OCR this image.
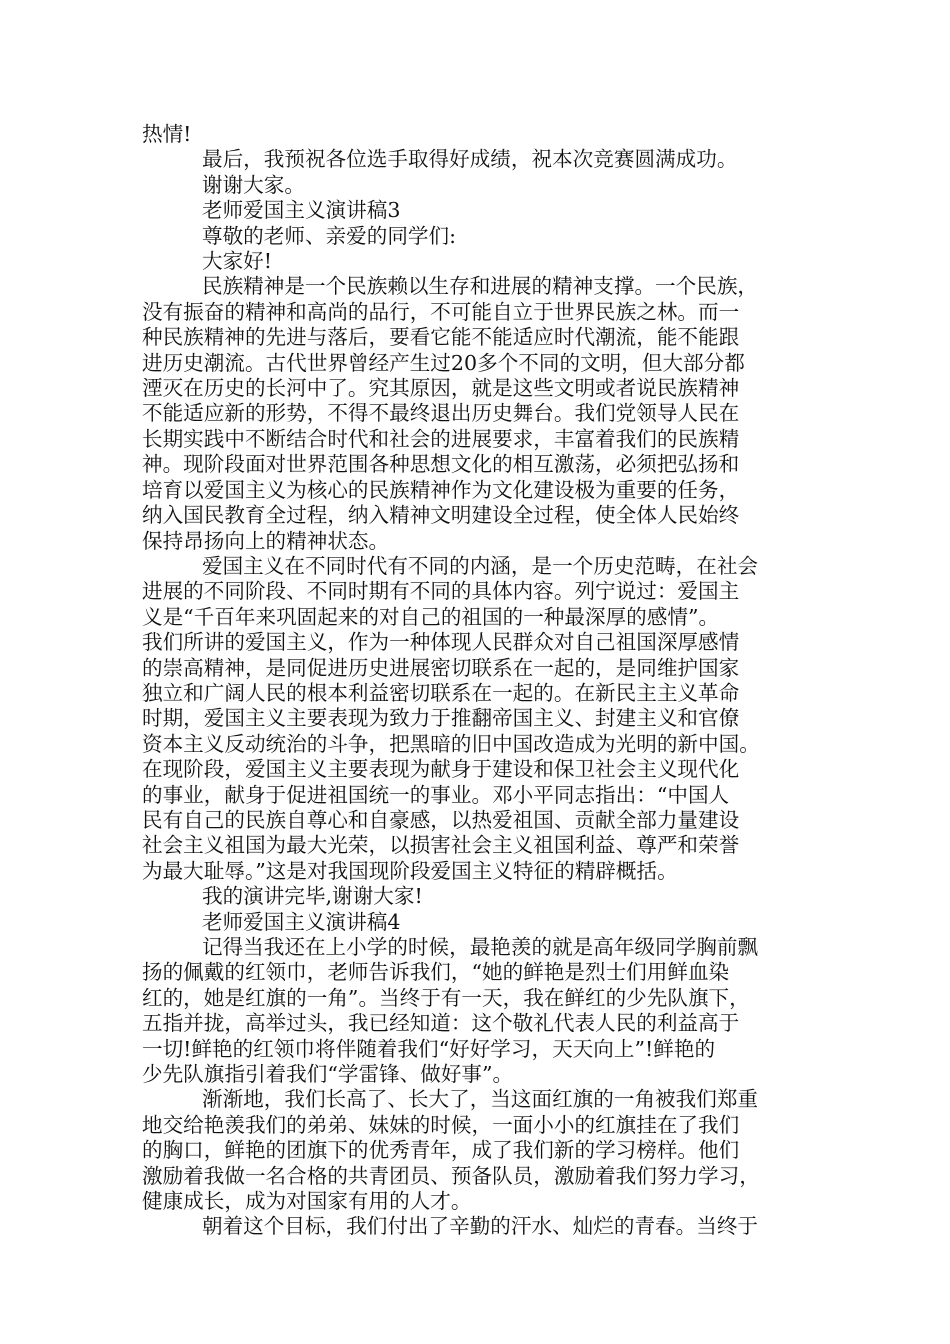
热情!
最后，我预祝各位选手取得好成绩，祝本次竞赛圆满成功。
谢谢大家。
老师爱国主义演讲稿3
尊敬的老师、亲爱的同学们:
大家好!
民族精神是一个民族赖以生存和进展的精神支撑。一个民族，
没有振奋的精神和高尚的品行，不可能自立于世界民族之林。而一
种民族精神的先进与落后，要看它能不能适应时代潮流，能不能跟
进历史潮流。古代世界曾经产生过20多个不同的文明，但大部分都
湮灭在历史的长河中了。究其原因，就是这些文明或者说民族精神
不能适应新的形势，不得不最终退出历史舞台。我们党领导人民在
长期实践中不断结合时代和社会的进展要求，丰富着我们的民族精
神。现阶段面对世界范围各种思想文化的相互激荡，必须把弘扬和
培育以爱国主义为核心的民族精神作为文化建设极为重要的任务，
纳入国民教育全过程，纳入精神文明建设全过程，使全体人民始终
保持昂扬向上的精神状态。
爱国主义在不同时代有不同的内涵，是一个历史范畴，在社会
进展的不同阶段、不同时期有不同的具体内容。列宁说过：爱国主
义是“千百年来巩固起来的对自己的祖国的一种最深厚的感情”。
我们所讲的爱国主义，作为一种体现人民群众对自己祖国深厚感情
的崇高精神，是同促进历史进展密切联系在一起的，是同维护国家
独立和广阔人民的根本利益密切联系在一起的。在新民主主义革命
时期，爱国主义主要表现为致力于推翻帝国主义、封建主义和官僚
资本主义反动统治的斗争，把黑暗的旧中国改造成为光明的新中国。
在现阶段，爱国主义主要表现为献身于建设和保卫社会主义现代化
的事业，献身于促进祖国统一的事业。邓小平同志指出：“中国人
民有自己的民族自尊心和自豪感，以热爱祖国、贡献全部力量建设
社会主义祖国为最大光荣，以损害社会主义祖国利益、尊严和荣誉
为最大耻辱。”这是对我国现阶段爱国主义特征的精辟概括。
我的演讲完毕,谢谢大家!
老师爱国主义演讲稿4
记得当我还在上小学的时候，最艳羡的就是高年级同学胸前飘
扬的佩戴的红领巾，老师告诉我们，“她的鲜艳是烈士们用鲜血染
红的，她是红旗的一角”。当终于有一天，我在鲜红的少先队旗下，
五指并拢，高举过头，我已经知道：这个敬礼代表人民的利益高于
一切!鲜艳的红领巾将伴随着我们“好好学习，天天向上”!鲜艳的
少先队旗指引着我们“学雷锋、做好事”。
渐渐地，我们长高了、长大了，当这面红旗的一角被我们郑重
地交给艳羡我们的弟弟、妹妹的时候，一面小小的红旗挂在了我们
的胸口，鲜艳的团旗下的优秀青年，成了我们新的学习榜样。他们
激励着我做一名合格的共青团员、预备队员，激励着我们努力学习，
健康成长，成为对国家有用的人才。
朝着这个目标，我们付出了辛勤的汗水、灿烂的青春。当终于
